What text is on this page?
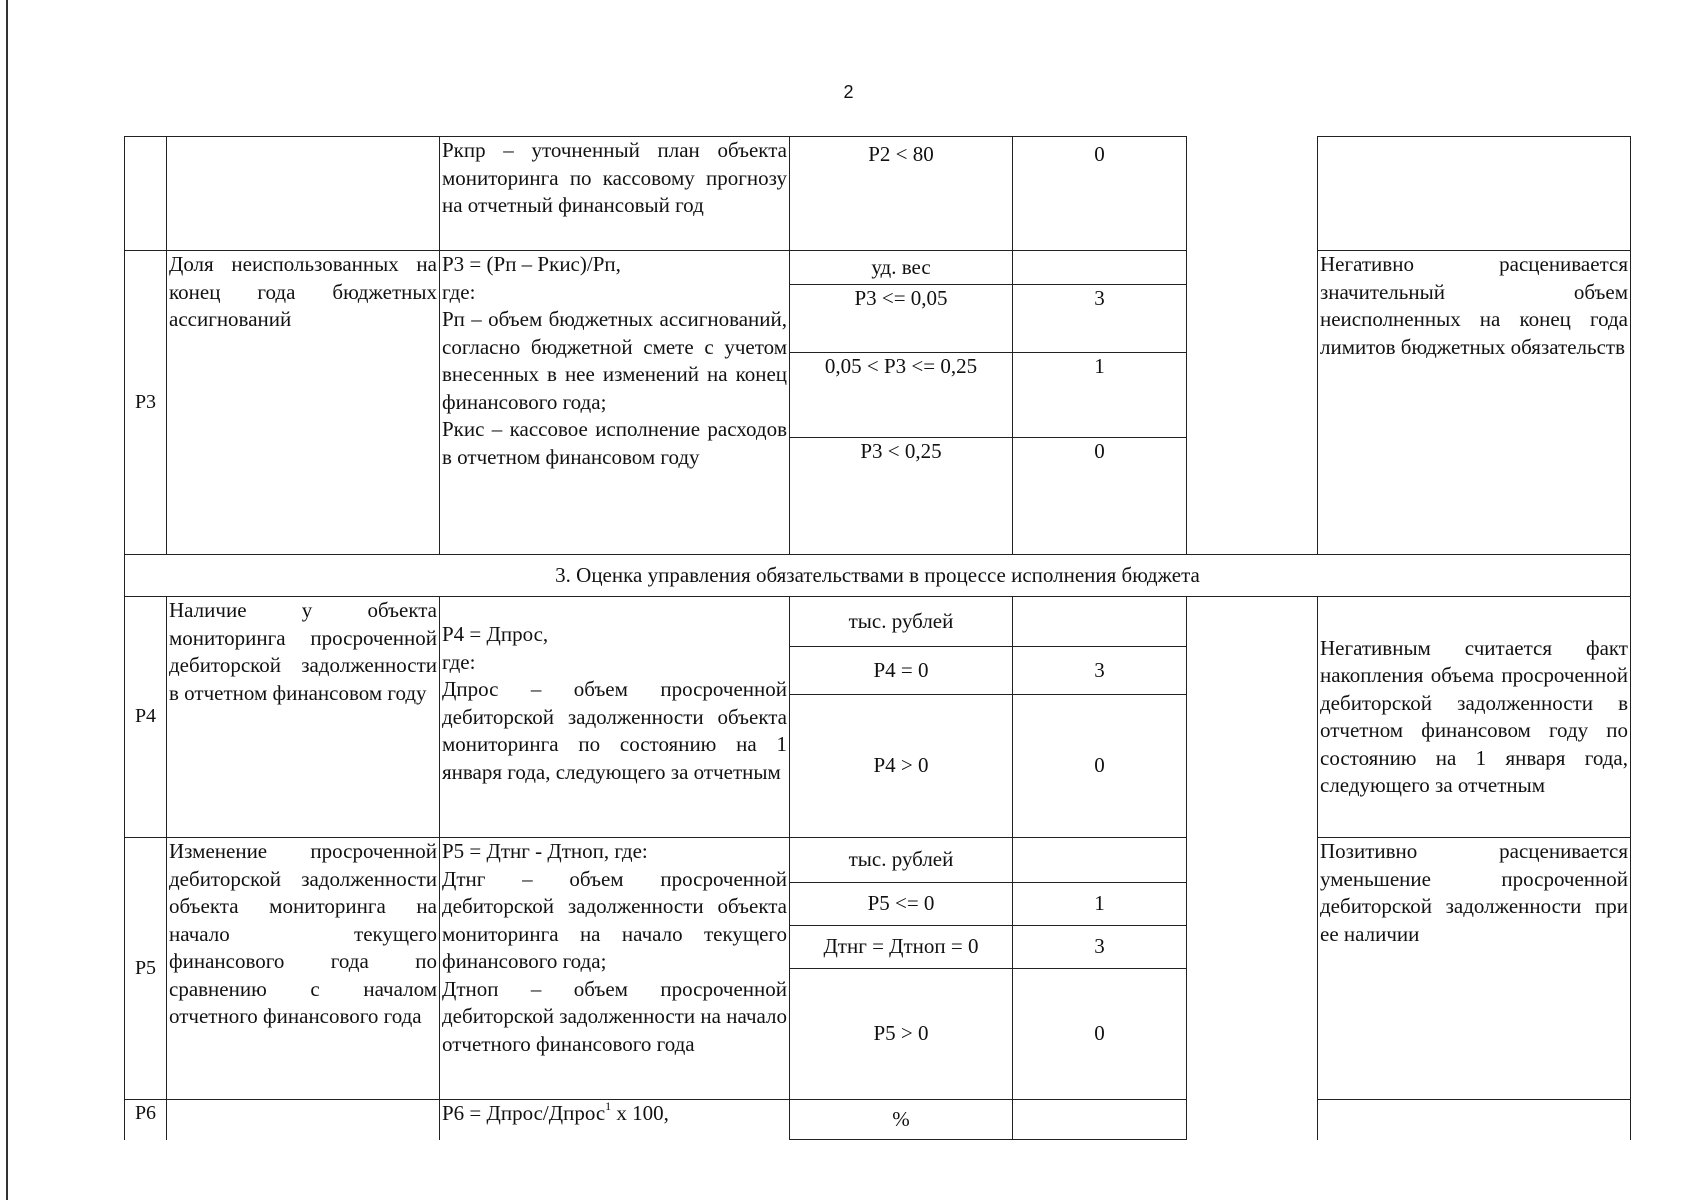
2
		Ркпр – уточненный план объекта мониторинга по кассовому прогнозу на отчетный финансовый год	Р2 < 80	0		
Р3	Доля неиспользованных на конец года бюджетных ассигнований	Р3 = (Рп – Ркис)/Рп,
где:
Рп – объем бюджетных ассигнований, согласно бюджетной смете с учетом внесенных в нее изменений на конец финансового года;
Ркис – кассовое исполнение расходов в отчетном финансовом году	уд. вес			Негативно расценивается значительный объем неисполненных на конец года лимитов бюджетных обязательств
			Р3 <= 0,05	3		
			0,05 < Р3 <= 0,25	1		
			Р3 < 0,25	0		
3. Оценка управления обязательствами в процессе исполнения бюджета						
Р4	Наличие у объекта мониторинга просроченной дебиторской задолженности в отчетном финансовом году	Р4 = Дпрос,
где:
Дпрос – объем просроченной дебиторской задолженности объекта мониторинга по состоянию на 1 января года, следующего за отчетным	тыс. рублей			Негативным считается факт накопления объема просроченной дебиторской задолженности в отчетном финансовом году по состоянию на 1 января года, следующего за отчетным
			Р4 = 0	3		
			Р4 > 0	0		
Р5	Изменение просроченной дебиторской задолженности объекта мониторинга на начало текущего финансового года по сравнению с началом отчетного финансового года	Р5 = Дтнг - Дтноп, где:
Дтнг – объем просроченной дебиторской задолженности объекта мониторинга на начало текущего финансового года;
Дтноп – объем просроченной дебиторской задолженности на начало отчетного финансового года	тыс. рублей			Позитивно расценивается уменьшение просроченной дебиторской задолженности при ее наличии
			Р5 <= 0	1		
			Дтнг = Дтноп = 0	3		
			Р5 > 0	0		
Р6		Р6 = Дпрос/Дпрос$^1$ х 100,	%			
